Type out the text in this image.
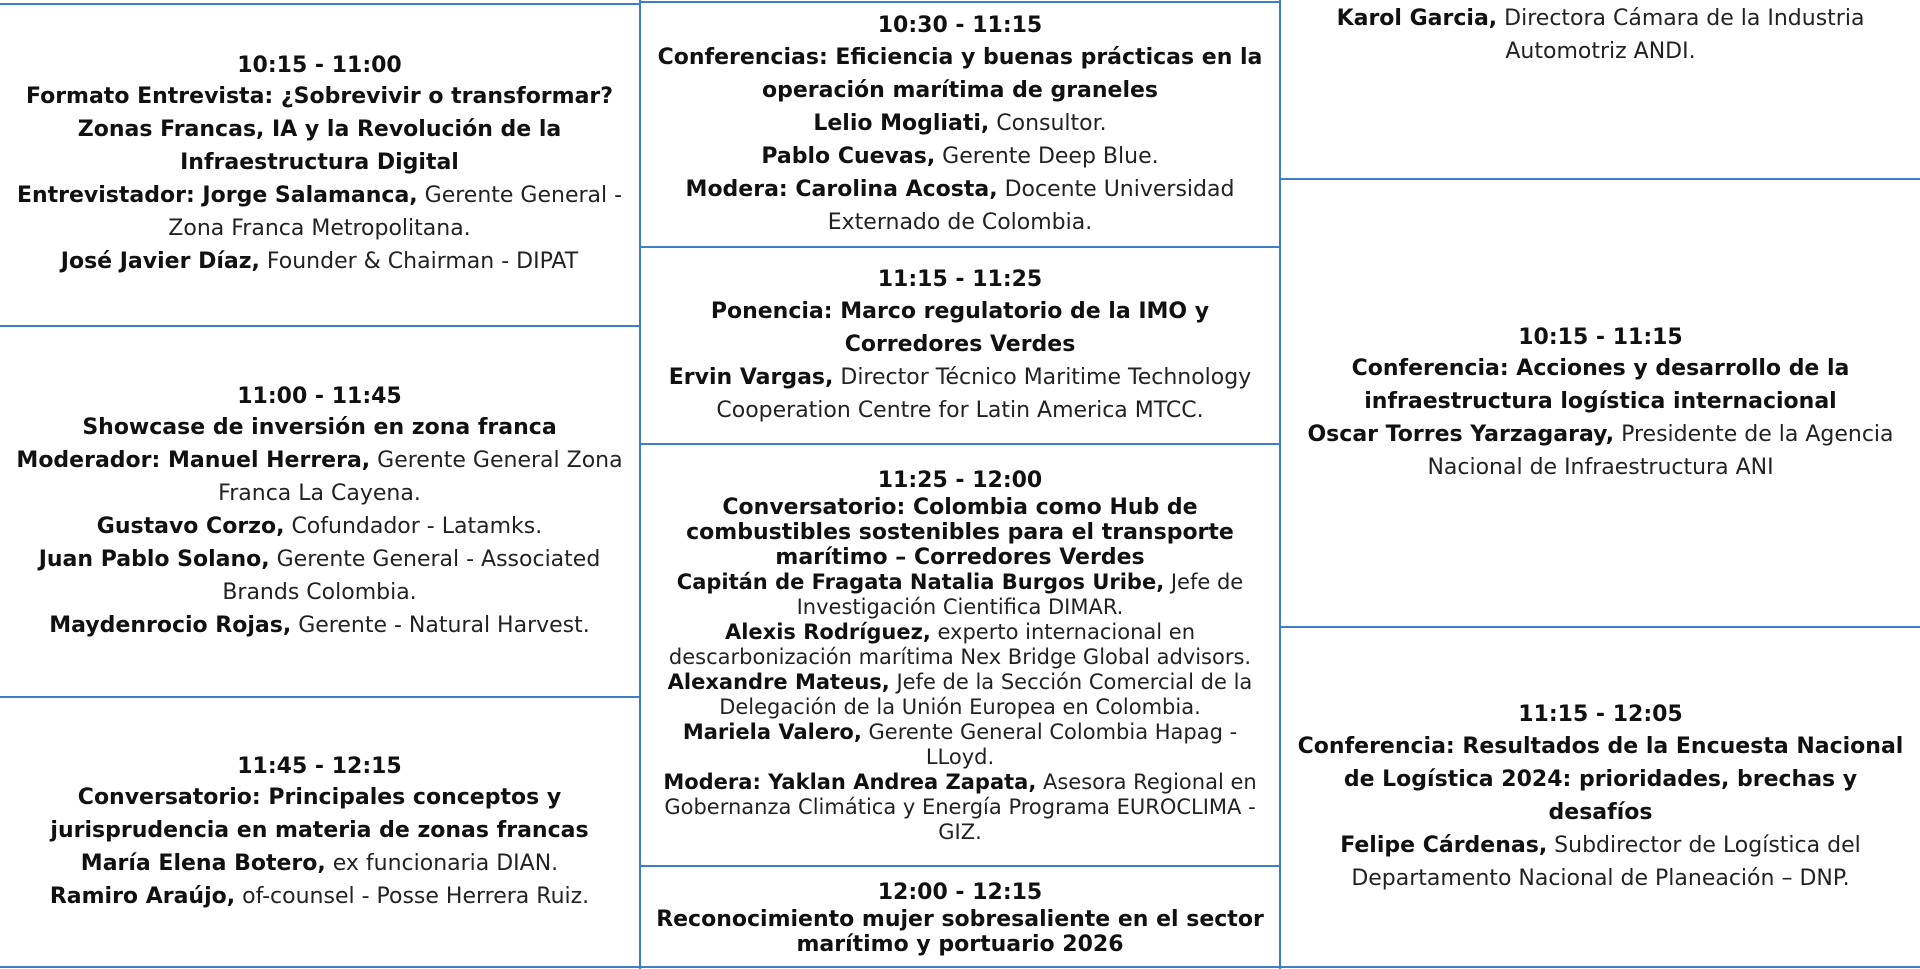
10:15 - 11:00
Formato Entrevista: ¿Sobrevivir o transformar?
Zonas Francas, IA y la Revolución de la
Infraestructura Digital
Entrevistador: Jorge Salamanca, Gerente General - Zona Franca Metropolitana.
José Javier Díaz, Founder & Chairman - DIPAT
11:00 - 11:45
Showcase de inversión en zona franca
Moderador: Manuel Herrera, Gerente General Zona Franca La Cayena.
Gustavo Corzo, Cofundador - Latamks.
Juan Pablo Solano, Gerente General - Associated Brands Colombia.
Maydenrocio Rojas, Gerente - Natural Harvest.
11:45 - 12:15
Conversatorio: Principales conceptos y
jurisprudencia en materia de zonas francas
María Elena Botero, ex funcionaria DIAN.
Ramiro Araújo, of-counsel - Posse Herrera Ruiz.
10:30 - 11:15
Conferencias: Eficiencia y buenas prácticas en la
operación marítima de graneles
Lelio Mogliati, Consultor.
Pablo Cuevas, Gerente Deep Blue.
Modera: Carolina Acosta, Docente Universidad Externado de Colombia.
11:15 - 11:25
Ponencia: Marco regulatorio de la IMO y
Corredores Verdes
Ervin Vargas, Director Técnico Maritime Technology Cooperation Centre for Latin America MTCC.
11:25 - 12:00
Conversatorio: Colombia como Hub de
combustibles sostenibles para el transporte
marítimo – Corredores Verdes
Capitán de Fragata Natalia Burgos Uribe, Jefe de Investigación Cientifica DIMAR.
Alexis Rodríguez, experto internacional en descarbonización marítima Nex Bridge Global advisors.
Alexandre Mateus, Jefe de la Sección Comercial de la Delegación de la Unión Europea en Colombia.
Mariela Valero, Gerente General Colombia Hapag - LLoyd.
Modera: Yaklan Andrea Zapata, Asesora Regional en Gobernanza Climática y Energía Programa EUROCLIMA - GIZ.
12:00 - 12:15
Reconocimiento mujer sobresaliente en el sector
marítimo y portuario 2026
Karol Garcia, Directora Cámara de la Industria Automotriz ANDI.
10:15 - 11:15
Conferencia: Acciones y desarrollo de la
infraestructura logística internacional
Oscar Torres Yarzagaray, Presidente de la Agencia Nacional de Infraestructura ANI
11:15 - 12:05
Conferencia: Resultados de la Encuesta Nacional
de Logística 2024: prioridades, brechas y desafíos
Felipe Cárdenas, Subdirector de Logística del Departamento Nacional de Planeación – DNP.
